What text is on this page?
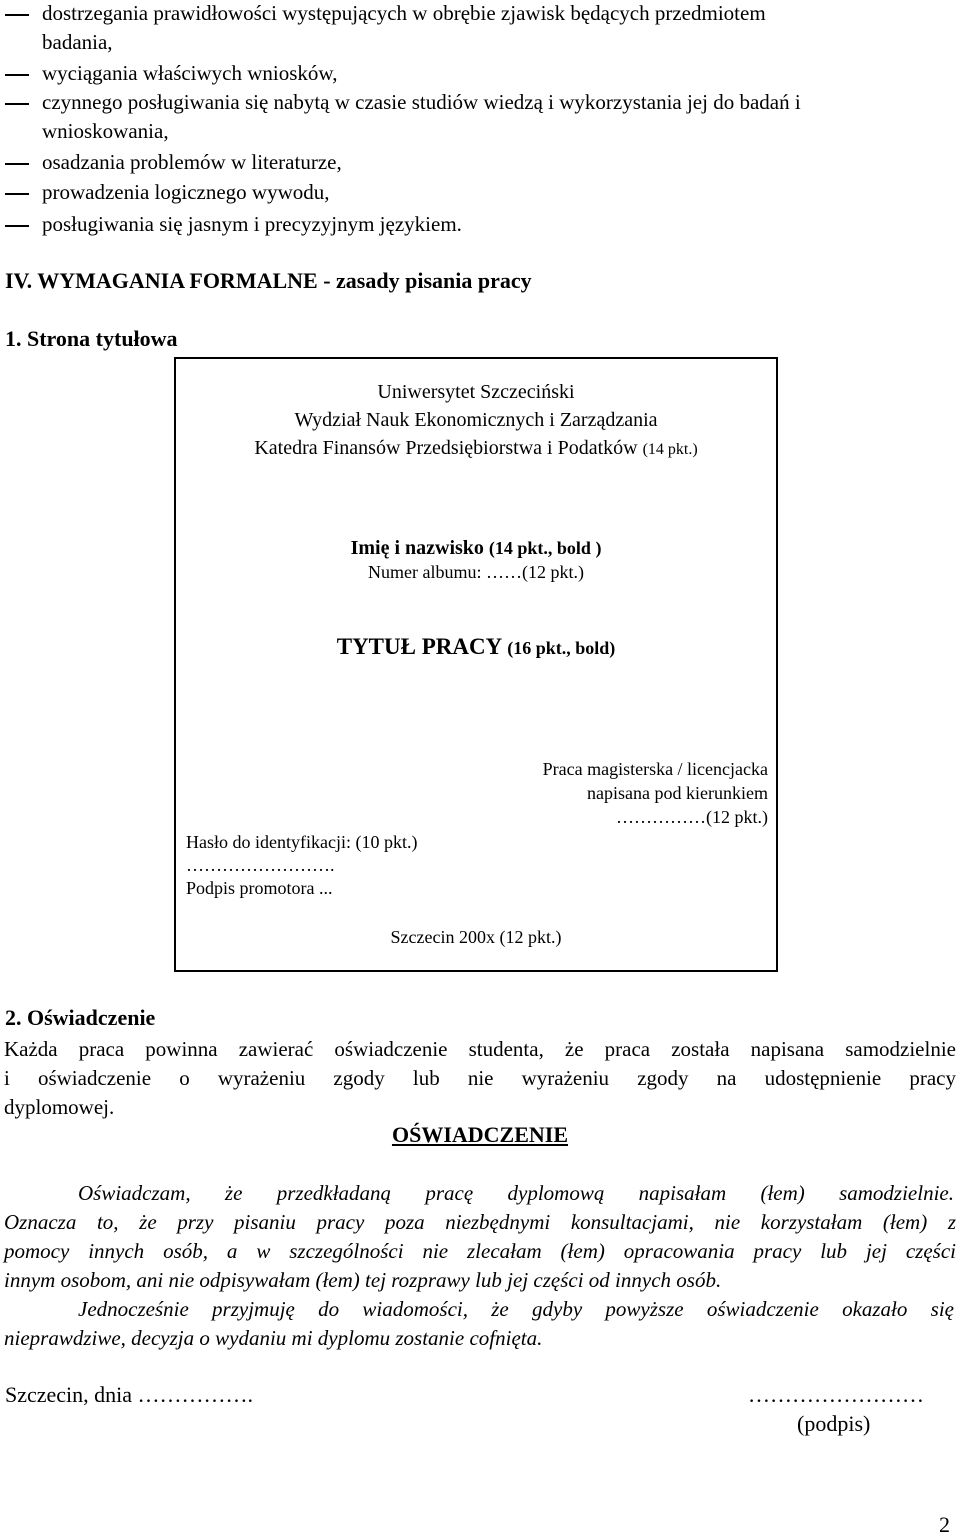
dostrzegania prawidłowości występujących w obrębie zjawisk będących przedmiotem
badania,
wyciągania właściwych wniosków,
czynnego posługiwania się nabytą w czasie studiów wiedzą i wykorzystania jej do badań i
wnioskowania,
osadzania problemów w literaturze,
prowadzenia logicznego wywodu,
posługiwania się jasnym i precyzyjnym językiem.
IV. WYMAGANIA FORMALNE - zasady pisania pracy
1. Strona tytułowa
Uniwersytet Szczeciński
Wydział Nauk Ekonomicznych i Zarządzania
Katedra Finansów Przedsiębiorstwa i Podatków (14 pkt.)
Imię i nazwisko (14 pkt., bold )
Numer albumu: ……(12 pkt.)
TYTUŁ PRACY (16 pkt., bold)
Praca magisterska / licencjacka
napisana pod kierunkiem
……………(12 pkt.)
Hasło do identyfikacji: (10 pkt.)
…………………….
Podpis promotora ...
Szczecin 200x (12 pkt.)
2. Oświadczenie
Każda praca powinna zawierać oświadczenie studenta, że praca została napisana samodzielnie
i oświadczenie o wyrażeniu zgody lub nie wyrażeniu zgody na udostępnienie pracy
dyplomowej.
OŚWIADCZENIE
Oświadczam, że przedkładaną pracę dyplomową napisałam (łem) samodzielnie.
Oznacza to, że przy pisaniu pracy poza niezbędnymi konsultacjami, nie korzystałam (łem) z
pomocy innych osób, a w szczególności nie zlecałam (łem) opracowania pracy lub jej części
innym osobom, ani nie odpisywałam (łem) tej rozprawy lub jej części od innych osób.
Jednocześnie przyjmuję do wiadomości, że gdyby powyższe oświadczenie okazało się
nieprawdziwe, decyzja o wydaniu mi dyplomu zostanie cofnięta.
Szczecin, dnia …………….	……………………
(podpis)
2
